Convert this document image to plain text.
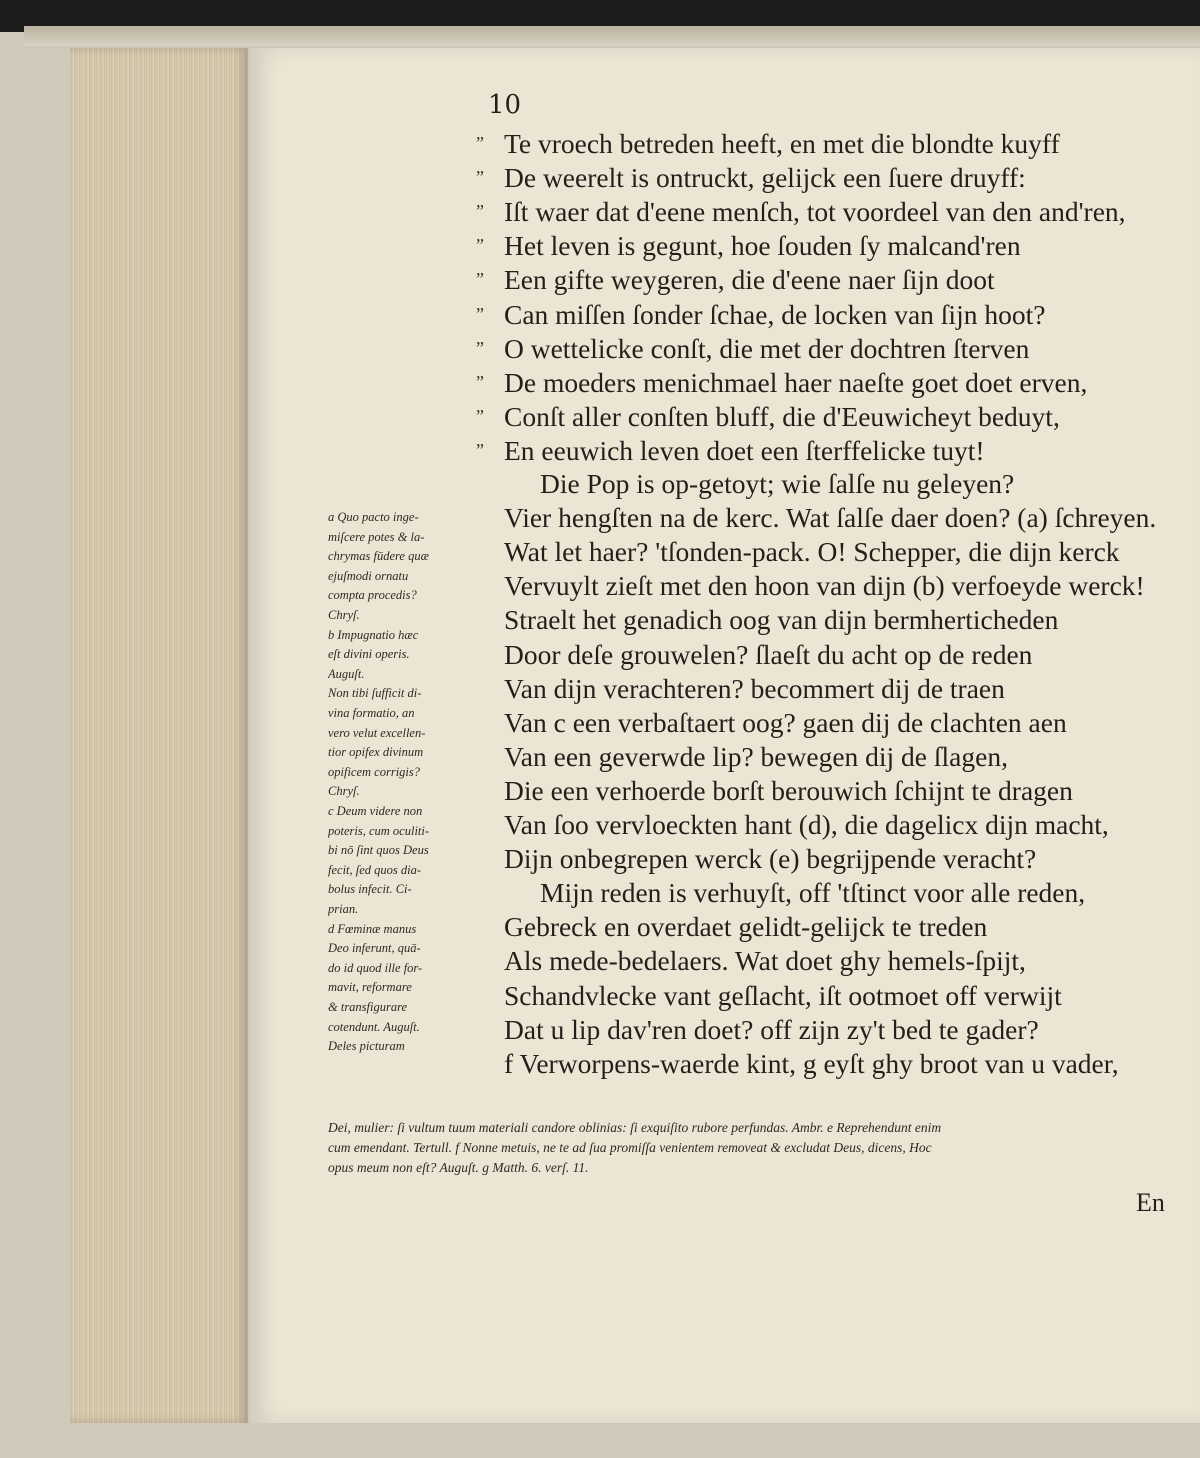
10

” Te vroech betreden heeft, en met die blondte kuyff

” De weerelt is ontruckt, gelijck een ſuere druyff:

” Iſt waer dat d'eene menſch, tot voordeel van den and'ren,

” Het leven is gegunt, hoe ſouden ſy malcand'ren

” Een gifte weygeren, die d'eene naer ſijn doot

” Can miſſen ſonder ſchae, de locken van ſijn hoot?

” O wettelicke conſt, die met der dochtren ſterven

” De moeders menichmael haer naeſte goet doet erven,

” Conſt aller conſten bluff, die d'Eeuwicheyt beduyt,

” En eeuwich leven doet een ſterffelicke tuyt!

Die Pop is op-getoyt; wie ſalſe nu geleyen?

Vier hengſten na de kerc. Wat ſalſe daer doen? (a) ſchreyen.

Wat let haer? 'tſonden-pack. O! Schepper, die dijn kerck

Vervuylt zieſt met den hoon van dijn (b) verfoeyde werck!

Straelt het genadich oog van dijn bermherticheden

Door deſe grouwelen? ſlaeſt du acht op de reden

Van dijn verachteren? becommert dij de traen

Van c een verbaſtaert oog? gaen dij de clachten aen

Van een geverwde lip? bewegen dij de ſlagen,

Die een verhoerde borſt berouwich ſchijnt te dragen

Van ſoo vervloeckten hant (d), die dagelicx dijn macht,

Dijn onbegrepen werck (e) begrijpende veracht?

Mijn reden is verhuyſt, off 'tſtinct voor alle reden,

Gebreck en overdaet gelidt-gelijck te treden

Als mede-bedelaers. Wat doet ghy hemels-ſpijt,

Schandvlecke vant geſlacht, iſt ootmoet off verwijt

Dat u lip dav'ren doet? off zijn zy't bed te gader?

f Verworpens-waerde kint, g eyſt ghy broot van u vader,

a Quo pacto inge-

miſcere potes & la-

chrymas fūdere quæ

ejuſmodi ornatu

compta procedis?

Chryſ.

b Impugnatio hæc

eſt divini operis.

Auguſt.

Non tibi ſufficit di-

vina formatio, an

vero velut excellen-

tior opifex divinum

opificem corrigis?

Chryſ.

c Deum videre non

poteris, cum oculiti-

bi nō ſint quos Deus

fecit, ſed quos dia-

bolus infecit. Ci-

prian.

d Fœminæ manus

Deo inferunt, quā-

do id quod ille for-

mavit, reformare

& transfigurare

cotendunt. Auguſt.

Deles picturam

Dei, mulier: ſi vultum tuum materiali candore oblinias: ſi exquiſito rubore perfundas. Ambr. e Reprehendunt enim

cum emendant. Tertull. f Nonne metuis, ne te ad ſua promiſſa venientem removeat & excludat Deus, dicens, Hoc

opus meum non eſt? Auguſt. g Matth. 6. verſ. 11.

En
